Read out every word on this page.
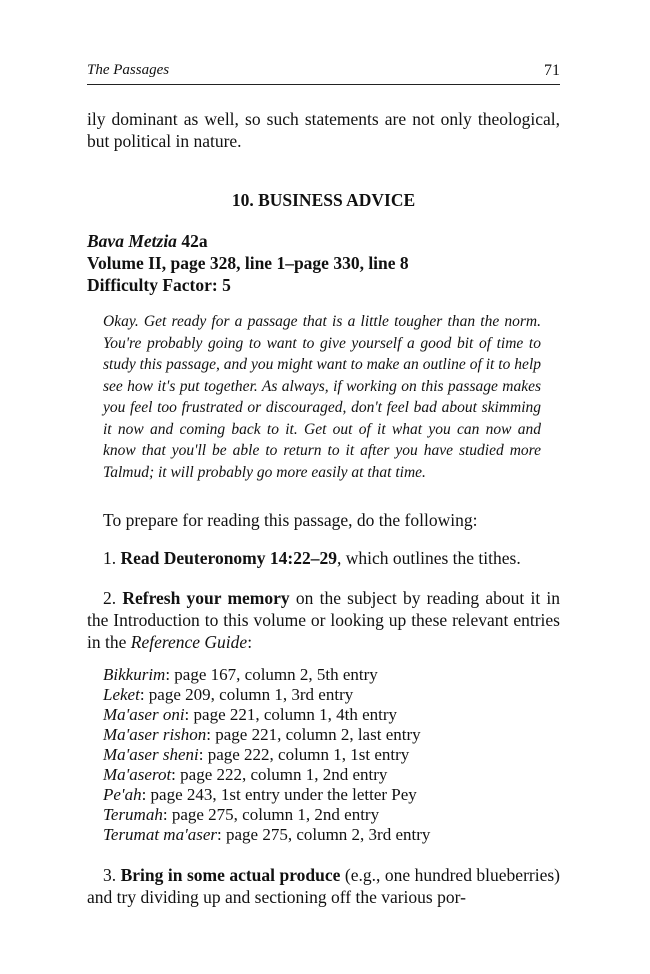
The Passages	71

ily dominant as well, so such statements are not only theological, but political in nature.

10. BUSINESS ADVICE
Bava Metzia 42a
Volume II, page 328, line 1–page 330, line 8
Difficulty Factor: 5

Okay. Get ready for a passage that is a little tougher than the norm. You're probably going to want to give yourself a good bit of time to study this passage, and you might want to make an outline of it to help see how it's put together. As always, if working on this passage makes you feel too frustrated or discouraged, don't feel bad about skimming it now and coming back to it. Get out of it what you can now and know that you'll be able to return to it after you have studied more Talmud; it will probably go more easily at that time.

To prepare for reading this passage, do the following:

1. Read Deuteronomy 14:22–29, which outlines the tithes.

2. Refresh your memory on the subject by reading about it in the Introduction to this volume or looking up these relevant entries in the Reference Guide:

Bikkurim: page 167, column 2, 5th entry
Leket: page 209, column 1, 3rd entry
Ma'aser oni: page 221, column 1, 4th entry
Ma'aser rishon: page 221, column 2, last entry
Ma'aser sheni: page 222, column 1, 1st entry
Ma'aserot: page 222, column 1, 2nd entry
Pe'ah: page 243, 1st entry under the letter Pey
Terumah: page 275, column 1, 2nd entry
Terumat ma'aser: page 275, column 2, 3rd entry

3. Bring in some actual produce (e.g., one hundred blueberries) and try dividing up and sectioning off the various por-
